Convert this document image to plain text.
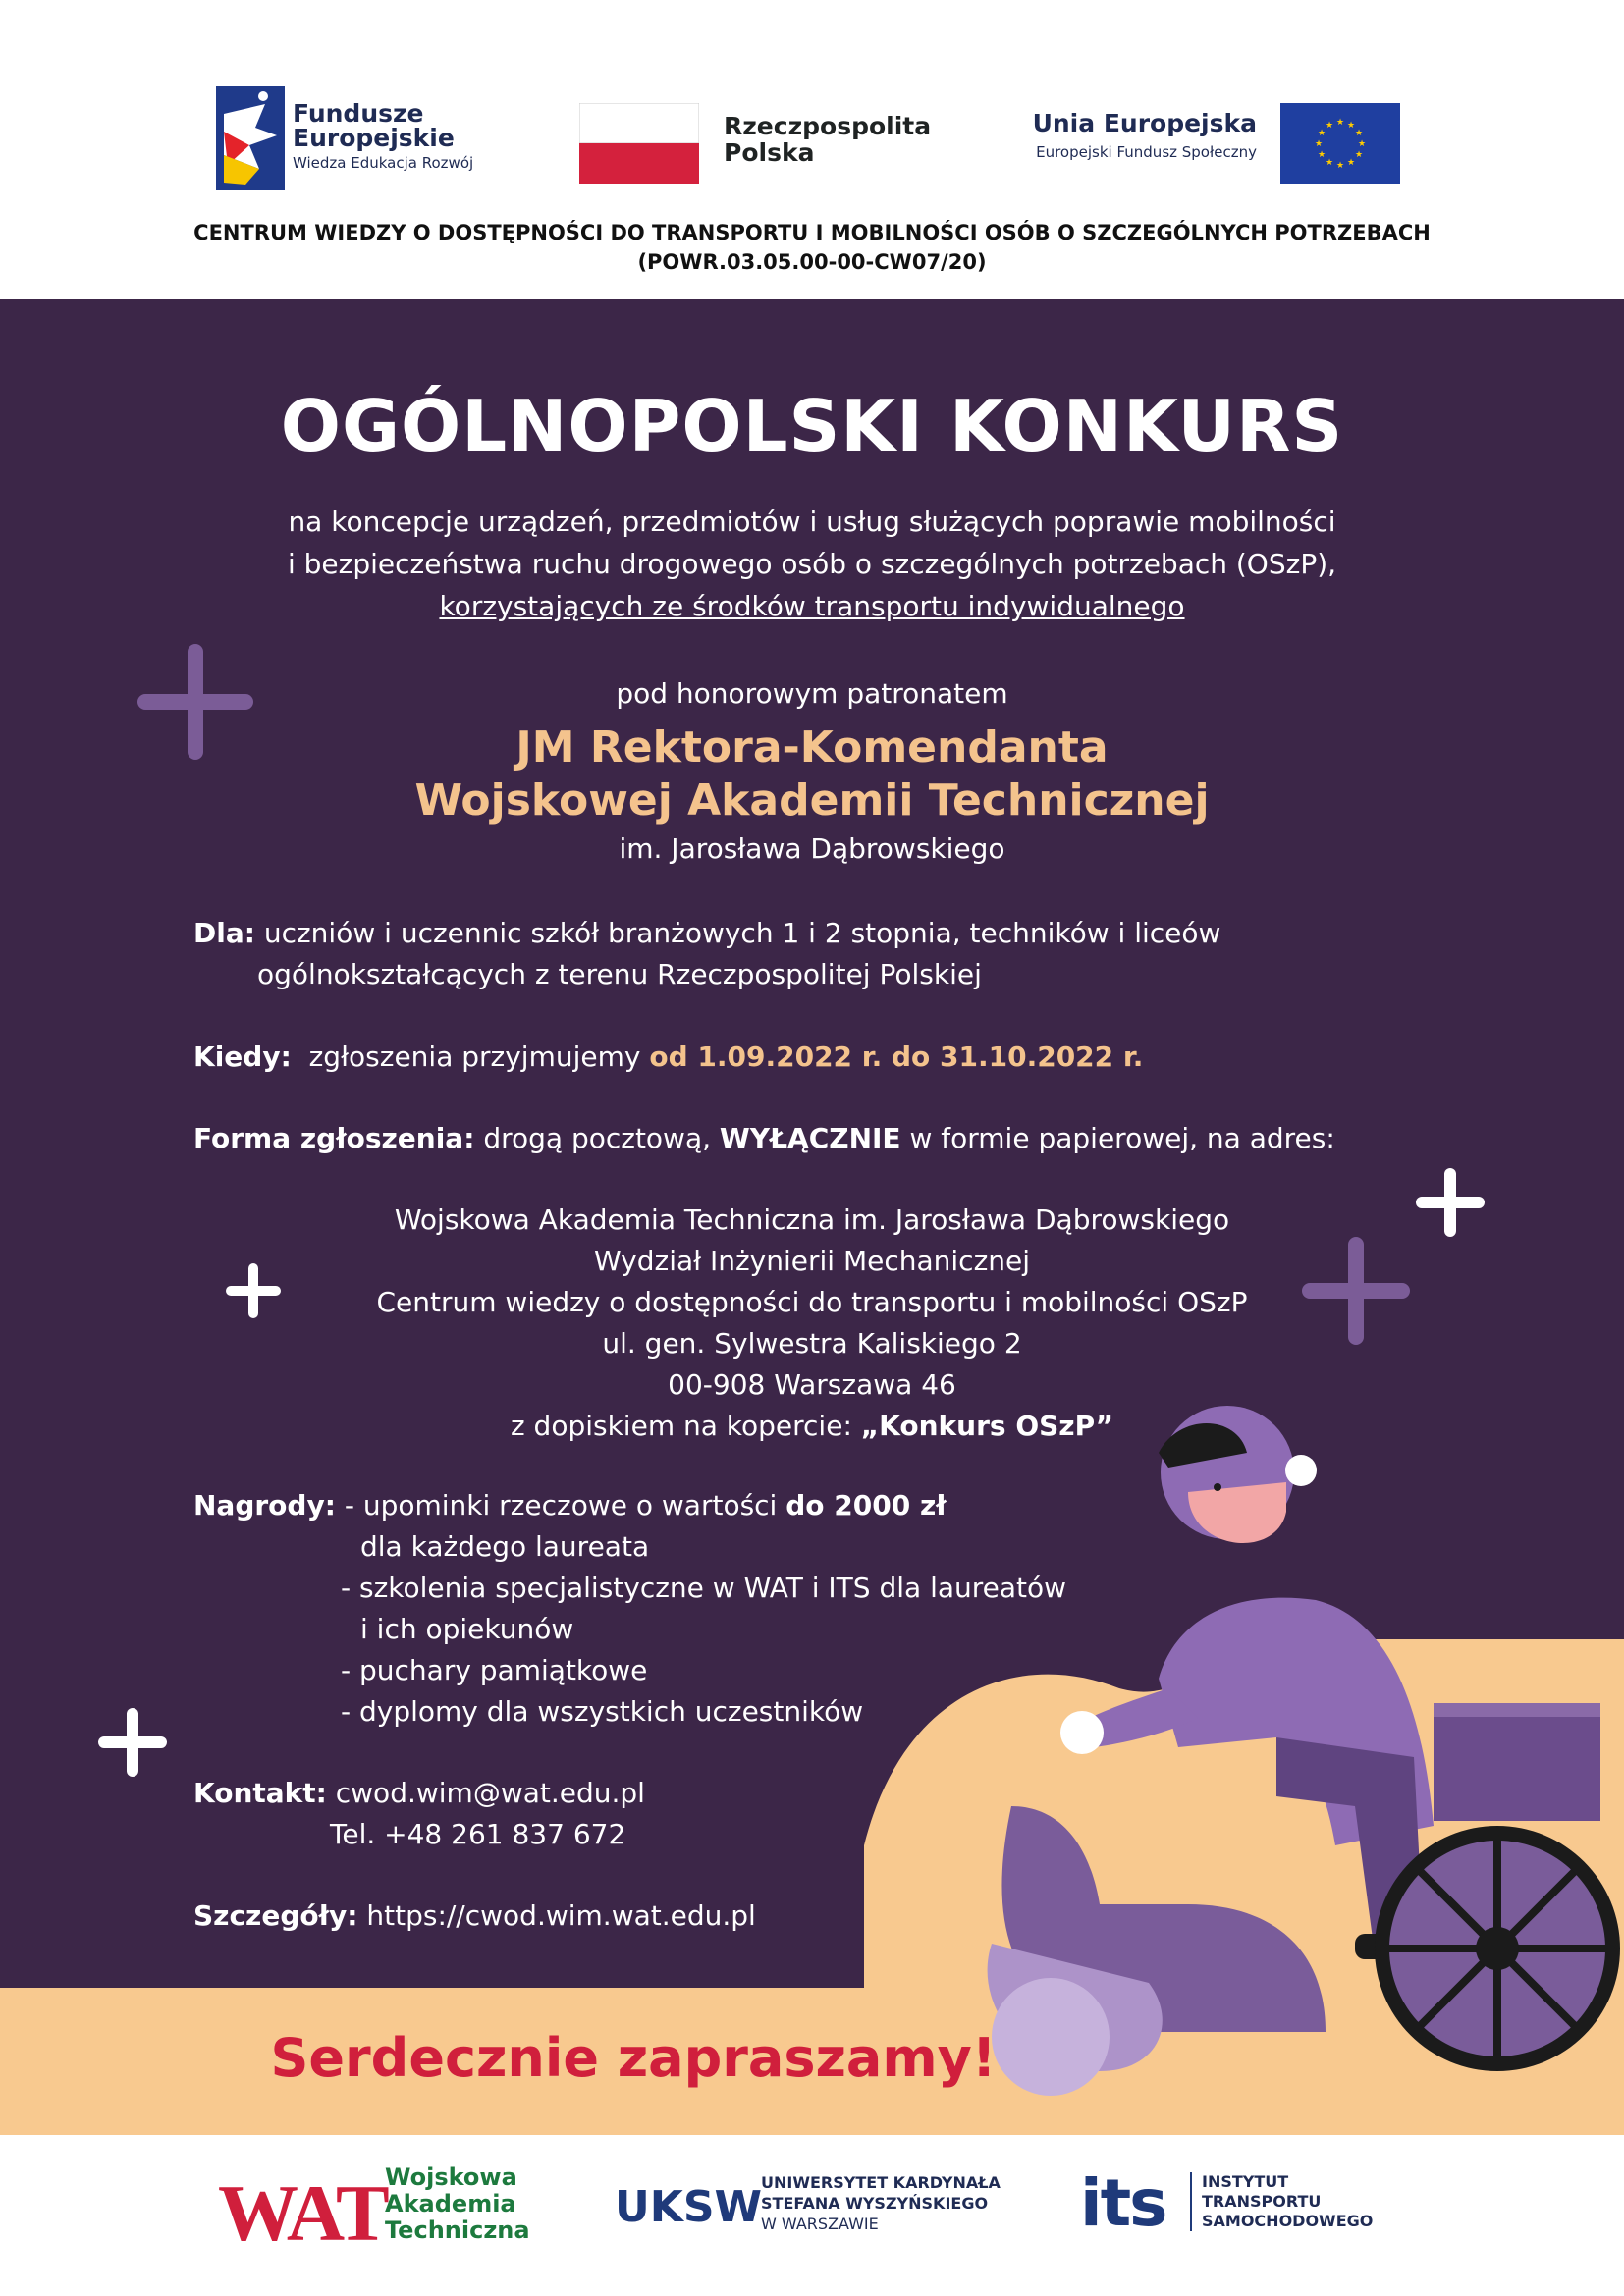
Fundusze
Europejskie
Wiedza Edukacja Rozwój
Rzeczpospolita
Polska
Unia Europejska
Europejski Fundusz Społeczny
★ ★
★
★
★
★
★
★
★
★
★
★
CENTRUM WIEDZY O DOSTĘPNOŚCI DO TRANSPORTU I MOBILNOŚCI OSÓB O SZCZEGÓLNYCH POTRZEBACH
(POWR.03.05.00-00-CW07/20)
OGÓLNOPOLSKI KONKURS
na koncepcje urządzeń, przedmiotów i usług służących poprawie mobilności
i bezpieczeństwa ruchu drogowego osób o szczególnych potrzebach (OSzP),
korzystających ze środków transportu indywidualnego
pod honorowym patronatem
JM Rektora-Komendanta
Wojskowej Akademii Technicznej
im. Jarosława Dąbrowskiego
Dla: uczniów i uczennic szkół branżowych 1 i 2 stopnia, techników i liceów
ogólnokształcących z terenu Rzeczpospolitej Polskiej
Kiedy: zgłoszenia przyjmujemy od 1.09.2022 r. do 31.10.2022 r.
Forma zgłoszenia: drogą pocztową, WYŁĄCZNIE w formie papierowej, na adres:
Wojskowa Akademia Techniczna im. Jarosława Dąbrowskiego
Wydział Inżynierii Mechanicznej
Centrum wiedzy o dostępności do transportu i mobilności OSzP
ul. gen. Sylwestra Kaliskiego 2
00-908 Warszawa 46
z dopiskiem na kopercie: „Konkurs OSzP”
Nagrody: - upominki rzeczowe o wartości do 2000 zł
dla każdego laureata
- szkolenia specjalistyczne w WAT i ITS dla laureatów
i ich opiekunów
- puchary pamiątkowe
- dyplomy dla wszystkich uczestników
Kontakt: cwod.wim@wat.edu.pl
Tel. +48 261 837 672
Szczegóły: https://cwod.wim.wat.edu.pl
Serdecznie zapraszamy!
WAT
Wojskowa
Akademia
Techniczna UKSW
UNIWERSYTET KARDYNAŁA
STEFANA WYSZYŃSKIEGO
W WARSZAWIE	its INSTYTUT
TRANSPORTU
SAMOCHODOWEGO
